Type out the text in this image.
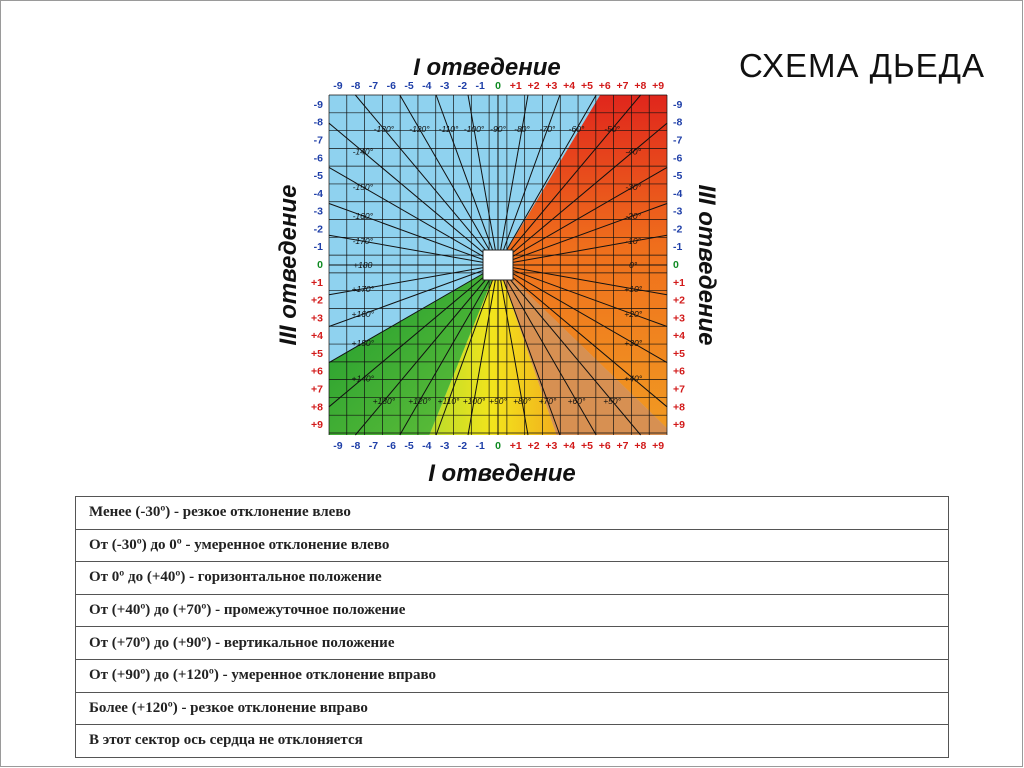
СХЕМА ДЬЕДА
-100° -90° -80°
-110°	-70° -60° -50°
-120°
-40°
-30°
-20°
-130°
-10°
0°
+10°
-140°
+20°
-150°
+30°
-160°
+40°
-170°
+180
+50°
+170°
+160°
+60°
+150°
+140°
+130° +120°	+70°
+110° +100° +90° +80°
-9
-9
-8
-8
-7
-7
-6
-6
-5
-5
-4
-4
-3
-3
-2
-2
-1
-1
0
0
+1
+1
+2
+2
+3
+3
+4
+4
+5
+5
+6
+6
+7
+7
+8
+8
+9
+9
-9	-9
-8	-8
-7	-7
-6	-6
-5	-5
-4	-4
-3	-3
-2	-2
-1	-1
0	0
+1	+1
+2	+2
+3	+3
+4	+4
+5	+5
+6	+6
+7	+7
+8	+8
+9	+9
I отведение
I отведение
III отведение	III отведение
Менее (-30º) - резкое отклонение влево
От (-30º) до 0º - умеренное отклонение влево
От 0º до (+40º) - горизонтальное положение
От (+40º) до (+70º) - промежуточное положение
От (+70º) до (+90º) - вертикальное положение
От (+90º) до (+120º) - умеренное отклонение вправо
Более (+120º) - резкое отклонение вправо
В этот сектор ось сердца не отклоняется
